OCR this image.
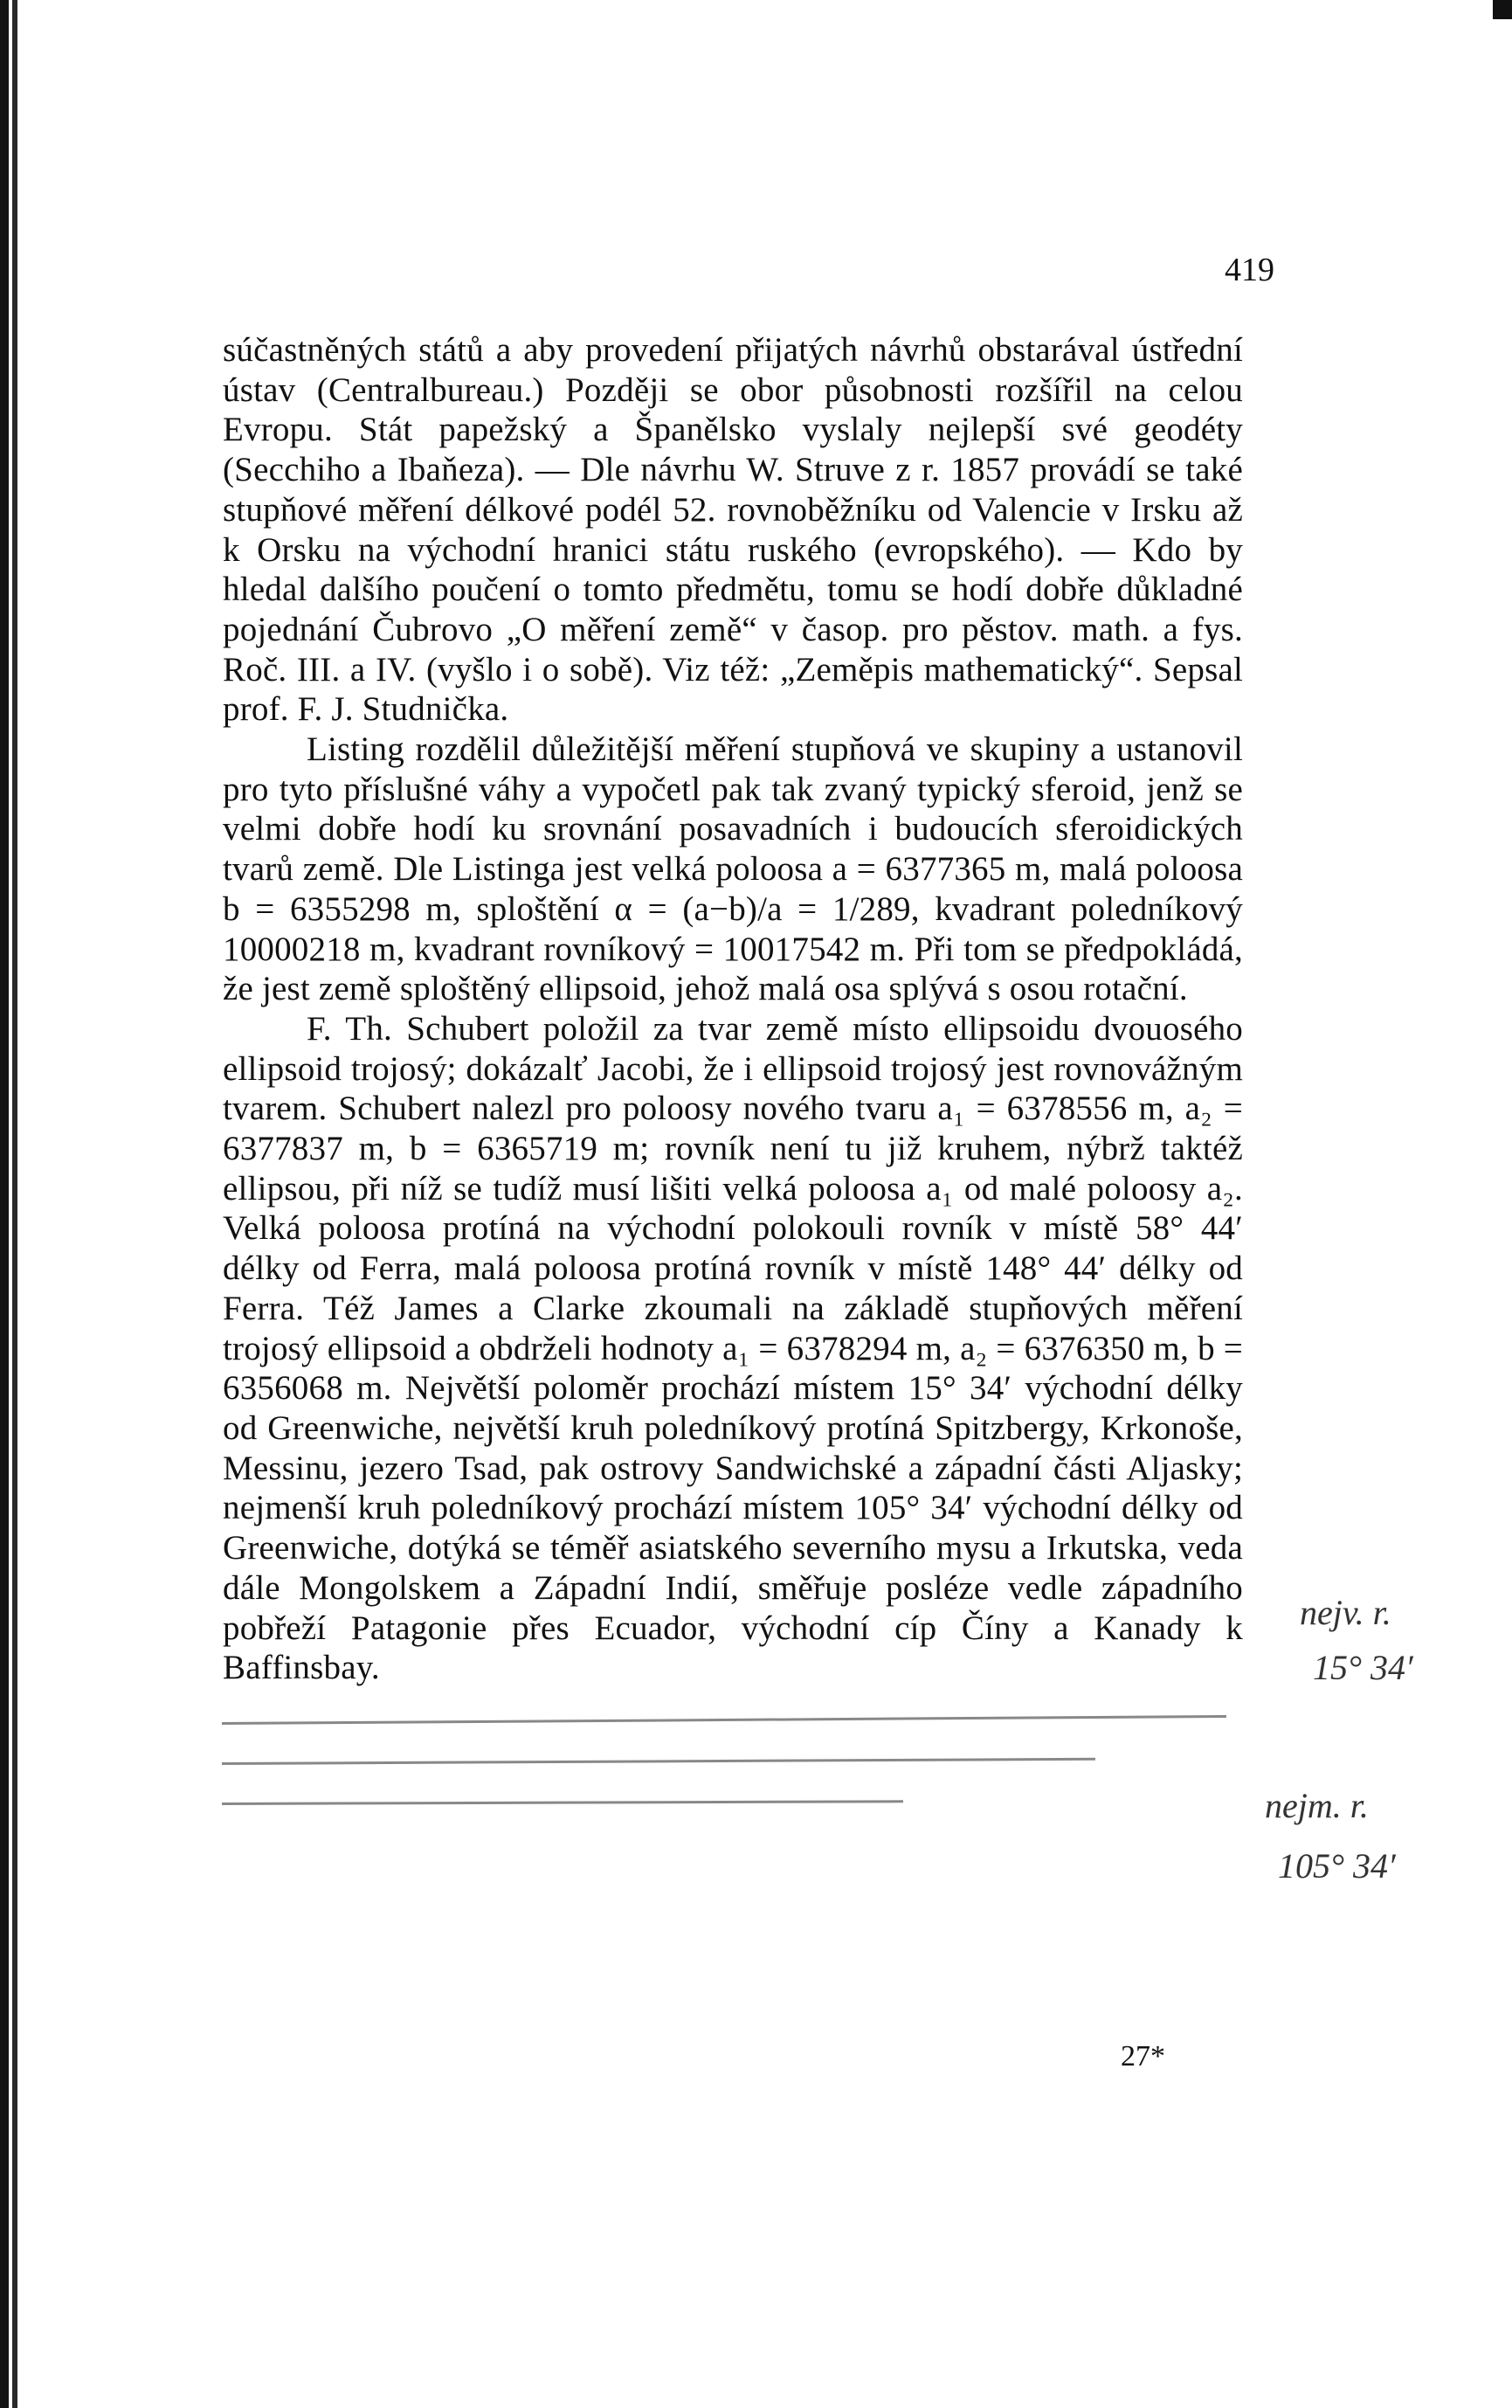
419

súčastněných států a aby provedení přijatých návrhů obstarával ústřední ústav (Centralbureau.) Později se obor působnosti rozšířil na celou Evropu. Stát papežský a Španělsko vyslaly nejlepší své geodéty (Secchiho a Ibaňeza). — Dle návrhu W. Struve z r. 1857 provádí se také stupňové měření délkové podél 52. rovnoběžníku od Valencie v Irsku až k Orsku na východní hranici státu ruského (evropského). — Kdo by hledal dalšího poučení o tomto předmětu, tomu se hodí dobře důkladné pojednání Čubrovo „O měření země“ v časop. pro pěstov. math. a fys. Roč. III. a IV. (vyšlo i o sobě). Viz též: „Zeměpis mathematický“. Sepsal prof. F. J. Studnička.

Listing rozdělil důležitější měření stupňová ve skupiny a ustanovil pro tyto příslušné váhy a vypočetl pak tak zvaný typický sferoid, jenž se velmi dobře hodí ku srovnání posavadních i budoucích sferoidických tvarů země. Dle Listinga jest velká poloosa a = 6377365 m, malá poloosa b = 6355298 m, sploštění α = (a−b)/a = 1/289, kvadrant poledníkový 10000218 m, kvadrant rovníkový = 10017542 m. Při tom se předpokládá, že jest země sploštěný ellipsoid, jehož malá osa splývá s osou rotační.

F. Th. Schubert položil za tvar země místo ellipsoidu dvouosého ellipsoid trojosý; dokázalť Jacobi, že i ellipsoid trojosý jest rovnovážným tvarem. Schubert nalezl pro poloosy nového tvaru a₁ = 6378556 m, a₂ = 6377837 m, b = 6365719 m; rovník není tu již kruhem, nýbrž taktéž ellipsou, při níž se tudíž musí lišiti velká poloosa a₁ od malé poloosy a₂. Velká poloosa protíná na východní polokouli rovník v místě 58° 44′ délky od Ferra, malá poloosa protíná rovník v místě 148° 44′ délky od Ferra. Též James a Clarke zkoumali na základě stupňových měření trojosý ellipsoid a obdrželi hodnoty a₁ = 6378294 m, a₂ = 6376350 m, b = 6356068 m. Největší poloměr prochází místem 15° 34′ východní délky od Greenwiche, největší kruh poledníkový protíná Spitzbergy, Krkonoše, Messinu, jezero Tsad, pak ostrovy Sandwichské a západní části Aljasky; nejmenší kruh poledníkový prochází místem 105° 34′ východní délky od Greenwiche, dotýká se téměř asiatského severního mysu a Irkutska, veda dále Mongolskem a Západní Indií, směřuje posléze vedle západního pobřeží Patagonie přes Ecuador, východní cíp Číny a Kanady k Baffinsbay.

nejv. r.
15° 34′
nejm. r.
105° 34′
27*
